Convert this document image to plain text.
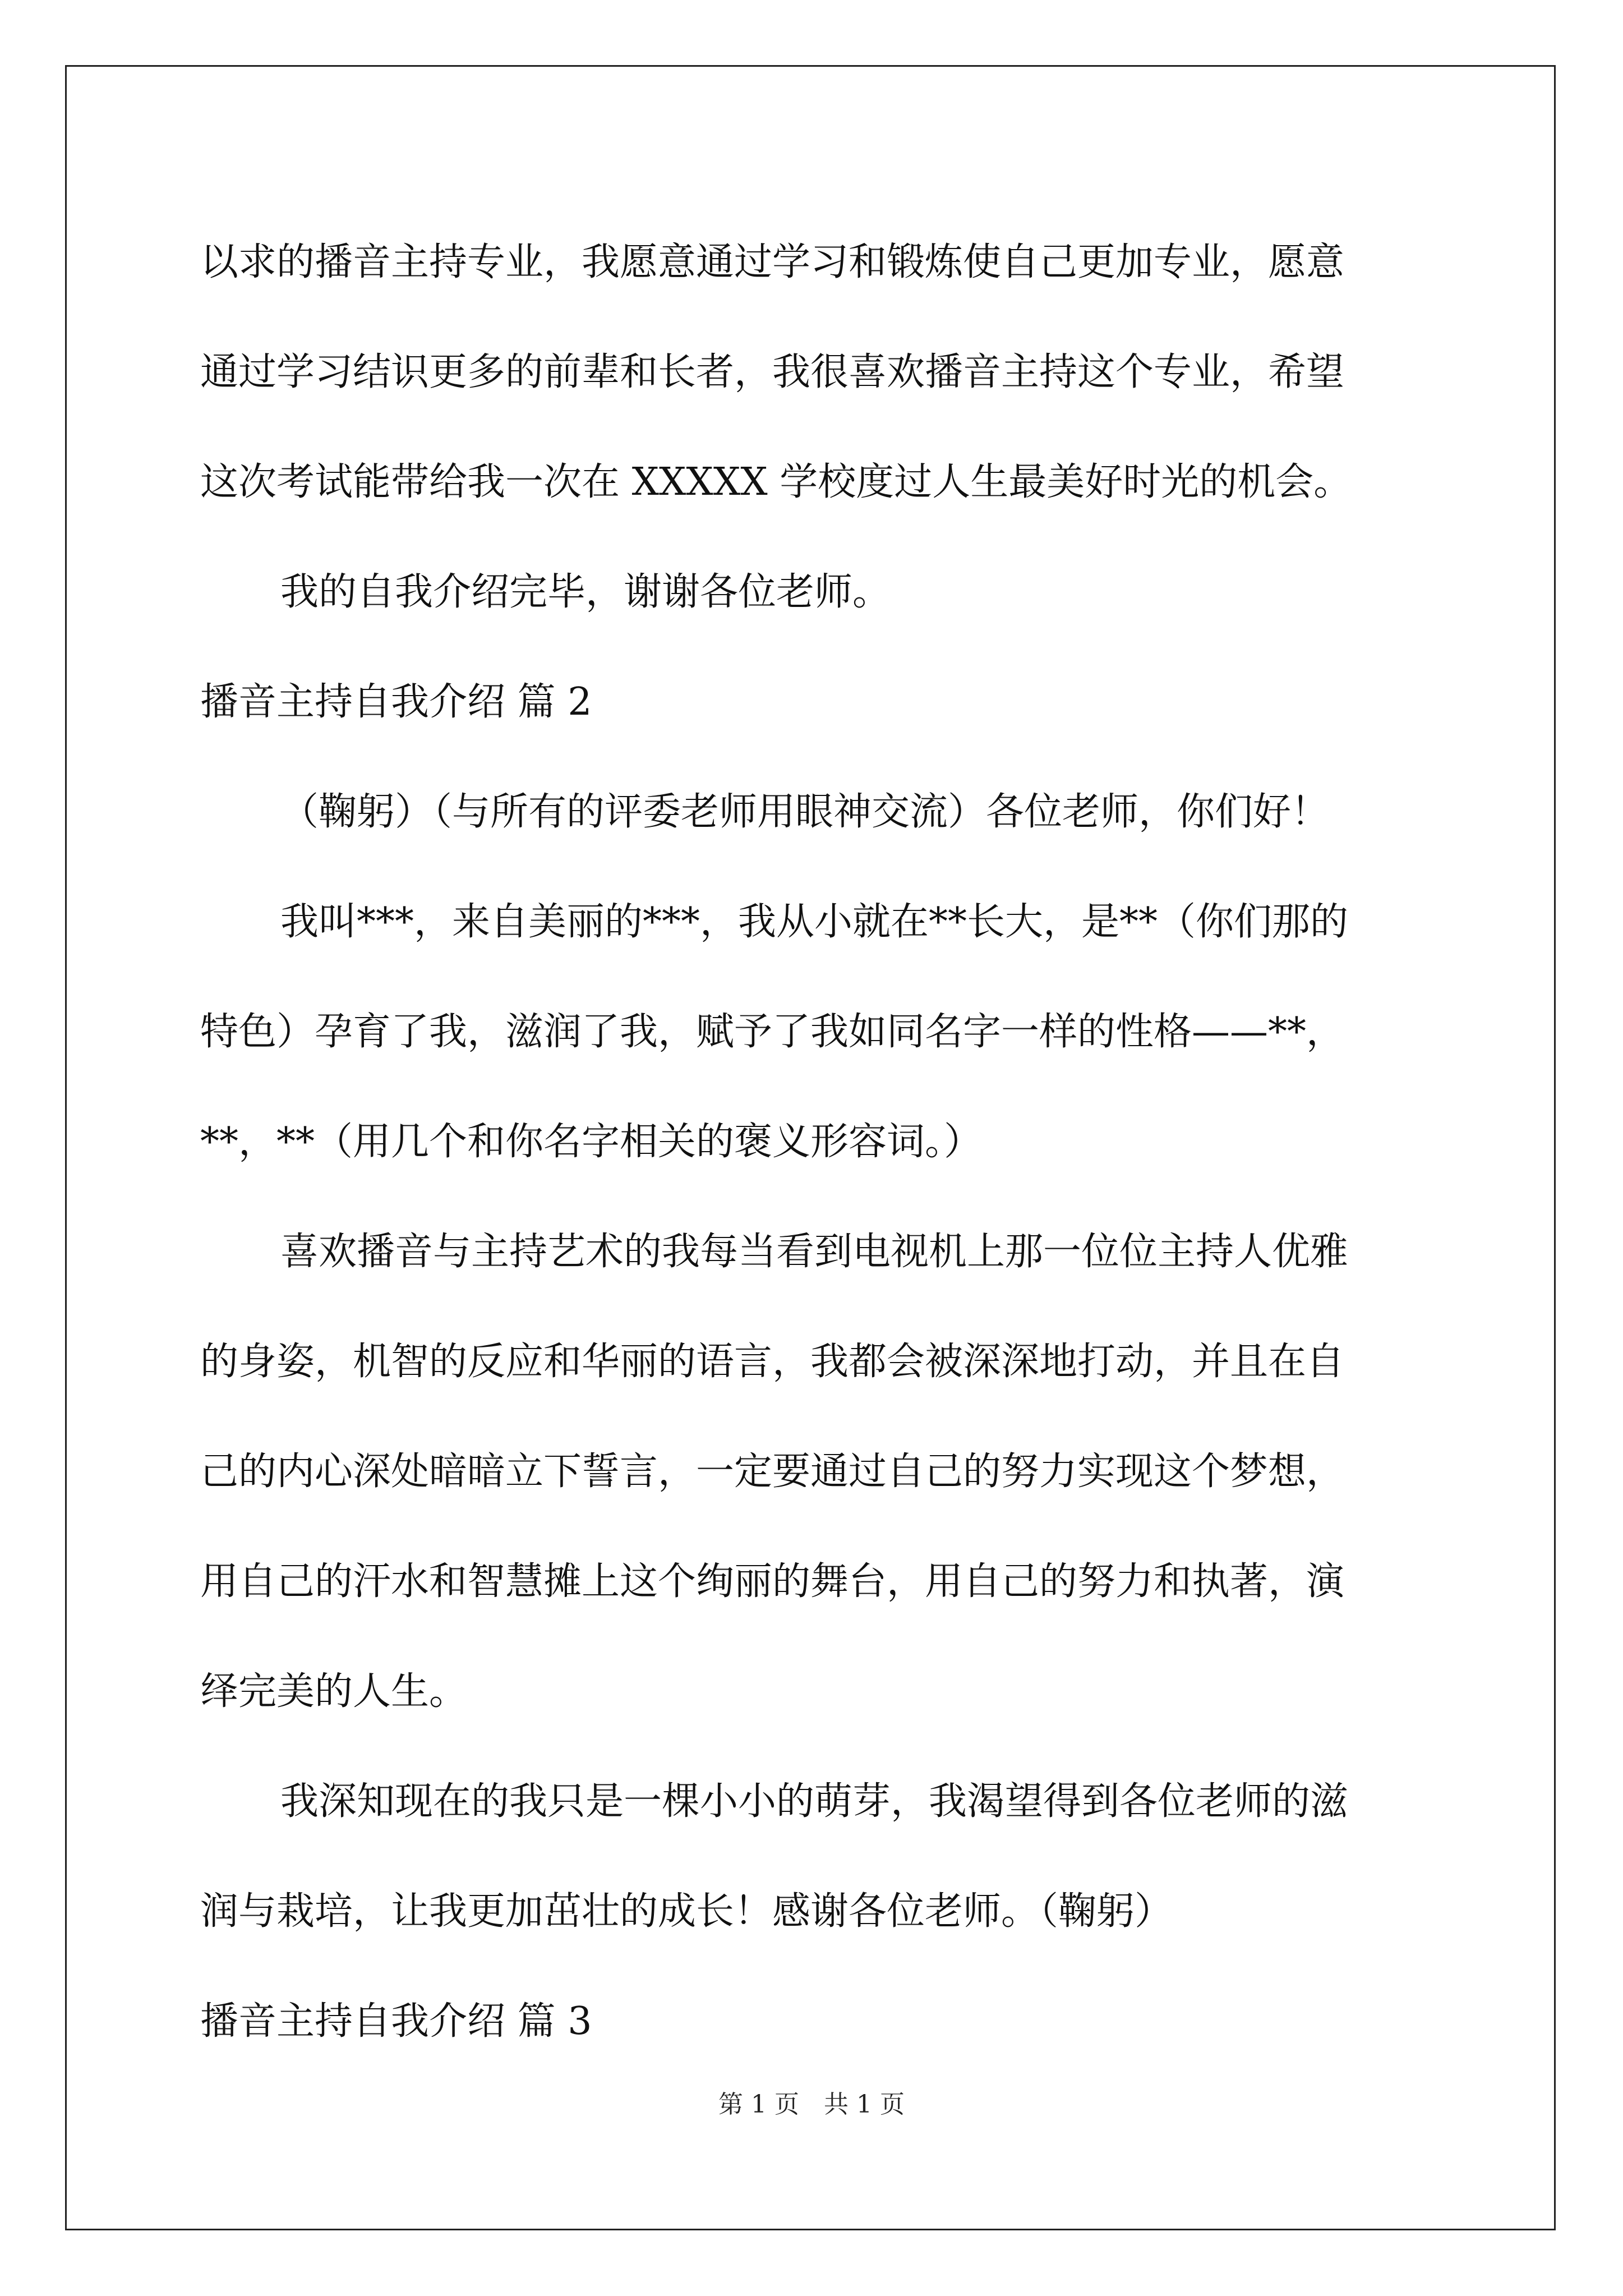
以求的播音主持专业，我愿意通过学习和锻炼使自己更加专业，愿意

通过学习结识更多的前辈和长者，我很喜欢播音主持这个专业，希望

这次考试能带给我一次在 XXXXX 学校度过人生最美好时光的机会。

我的自我介绍完毕，谢谢各位老师。

播音主持自我介绍 篇 2

（鞠躬）（与所有的评委老师用眼神交流）各位老师，你们好！

我叫***，来自美丽的***，我从小就在**长大，是**（你们那的

特色）孕育了我，滋润了我，赋予了我如同名字一样的性格——**，

**，**（用几个和你名字相关的褒义形容词。）

喜欢播音与主持艺术的我每当看到电视机上那一位位主持人优雅

的身姿，机智的反应和华丽的语言，我都会被深深地打动，并且在自

己的内心深处暗暗立下誓言，一定要通过自己的努力实现这个梦想，

用自己的汗水和智慧摊上这个绚丽的舞台，用自己的努力和执著，演

绎完美的人生。

我深知现在的我只是一棵小小的萌芽，我渴望得到各位老师的滋

润与栽培，让我更加茁壮的成长！感谢各位老师。（鞠躬）

播音主持自我介绍 篇 3

第 1 页　共 1 页
